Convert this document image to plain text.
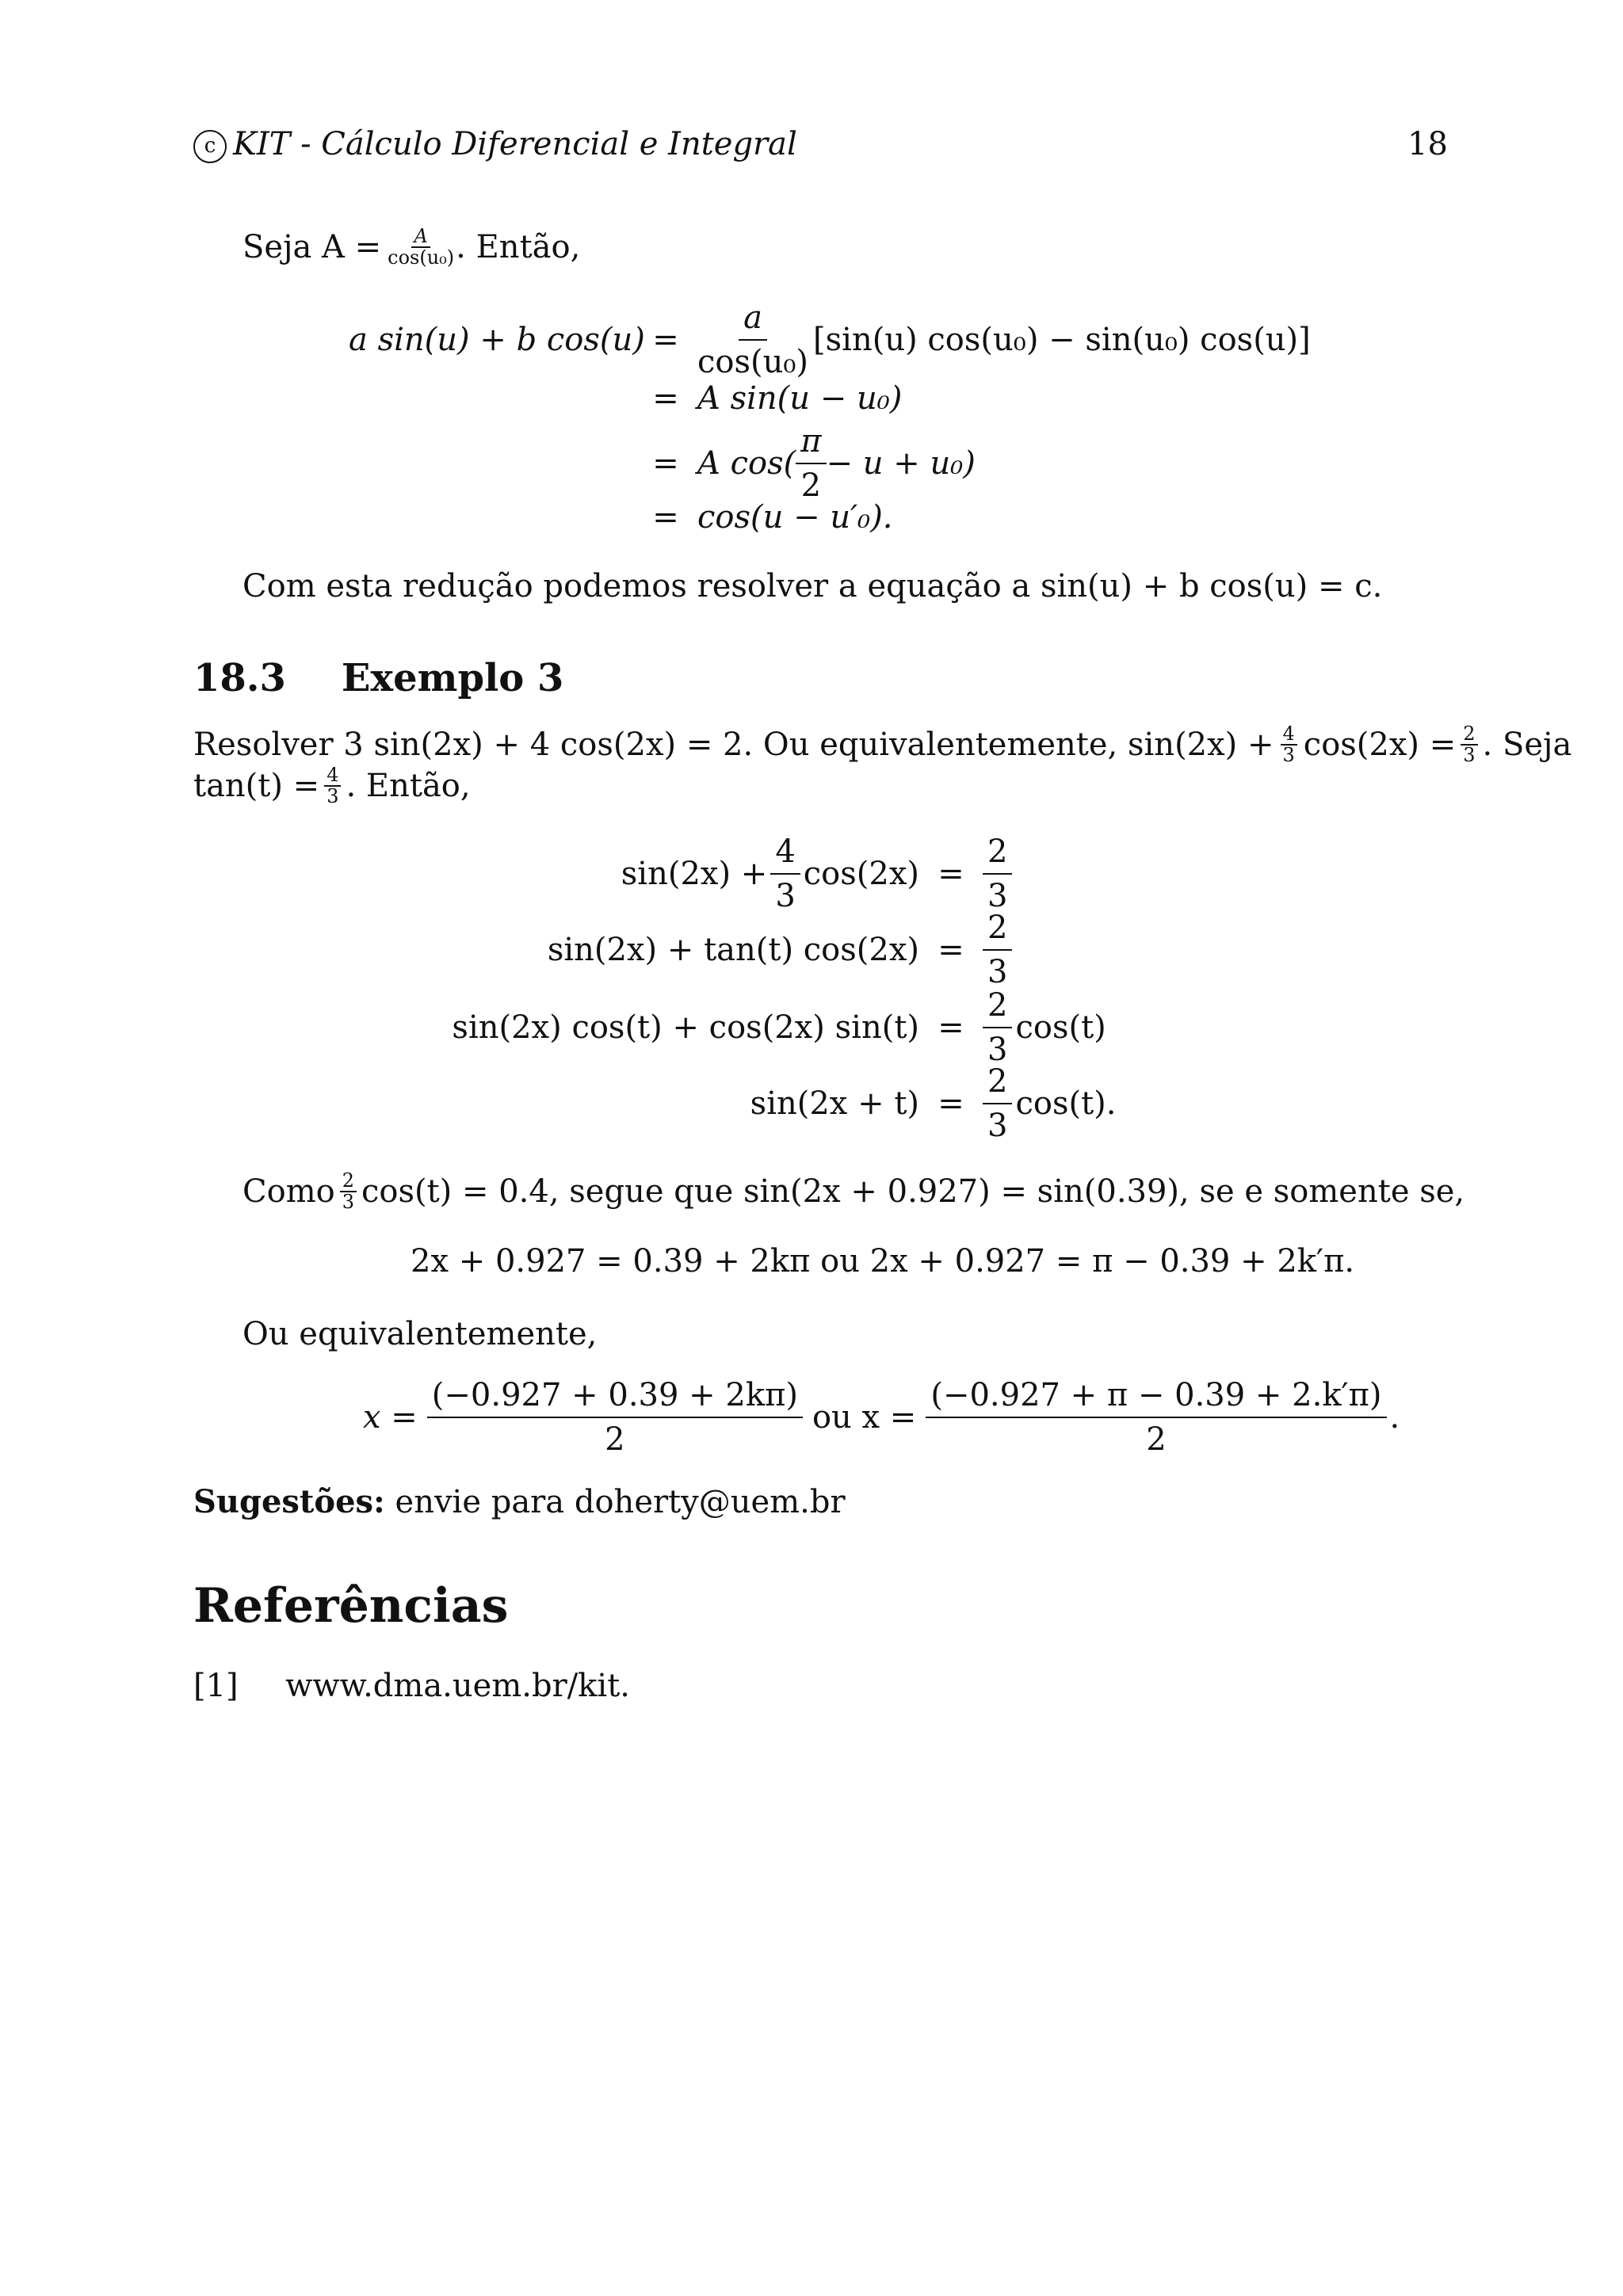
c KIT - Cálculo Diferencial e Integral	18
Seja $A = \frac{A}{\text{cos(u₀)}}$ . Então,
a sin(u) + b $\cos(u) = \frac{a}{\text{cos(u₀)}} [\sin(u) \cos(u_0) - \sin(u_0)$ cos(u)]
= A sin(u − u₀)
= A $\cos( \frac{\pi}{2} - u + u_0)$
= cos(u − u′₀).
Com esta redução podemos resolver a equação a sin(u) + b cos(u) = c.
18.3 Exemplo 3
Resolver 3 sin(2x) + 4 cos(2x) = 2. Ou equivalentemente, $\sin(2x) + \frac{4}{3} \cos(2x) = \frac{2}{3}$ . Seja
$\tan(t) = \frac{4}{3}$ . Então,
$\sin(2x) + \frac{4}{3} \cos(2x) = \frac{2}{3}$
sin(2x) + tan(t) $\cos(2x) = \frac{2}{3}$
sin(2x) cos(t) + cos(2x) $\sin(t) = \frac{2}{3} \cos(t)$
$\sin(2x + t) = \frac{2}{3} \cos(t)$.
Como $\frac{2}{3} \cos(t) = 0.4$, segue que sin(2x + 0.927) = sin(0.39), se e somente se,
2x + 0.927 = 0.39 + 2kπ ou 2x + 0.927 = π − 0.39 + 2k′π.
Ou equivalentemente,
$x = \frac{(-0.927 + 0.39 + 2k\pi)}{2}$ ou $x = \frac{(-0.927 + \pi - 0.39 + 2.k'\pi)}{2}$ .
Sugestões: envie para doherty@uem.br
Referências
[1] www.dma.uem.br/kit.
